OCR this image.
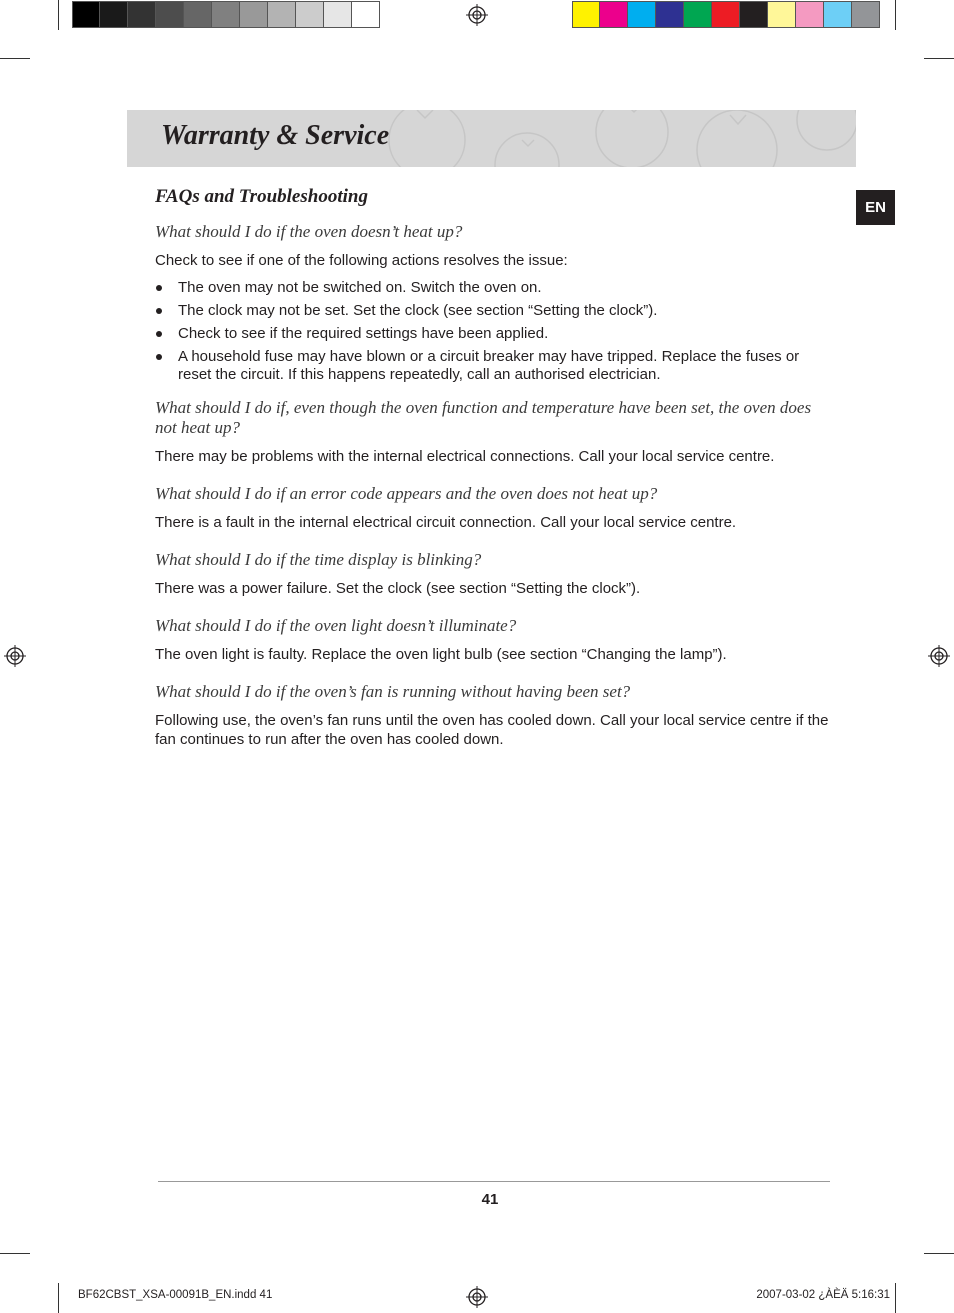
Warranty & Service
EN
FAQs and Troubleshooting
What should I do if the oven doesn’t heat up?
Check to see if one of the following actions resolves the issue:
The oven may not be switched on. Switch the oven on.
The clock may not be set. Set the clock (see section “Setting the clock”).
Check to see if the required settings have been applied.
A household fuse may have blown or a circuit breaker may have tripped. Replace the fuses or reset the circuit. If this happens repeatedly, call an authorised electrician.
What should I do if, even though the oven function and temperature have been set, the oven does not heat up?
There may be problems with the internal electrical connections. Call your local service centre.
What should I do if an error code appears and the oven does not heat up?
There is a fault in the internal electrical circuit connection. Call your local service centre.
What should I do if the time display is blinking?
There was a power failure. Set the clock (see section “Setting the clock”).
What should I do if the oven light doesn’t illuminate?
The oven light is faulty. Replace the oven light bulb (see section “Changing the lamp”).
What should I do if the oven’s fan is running without having been set?
Following use, the oven’s fan runs until the oven has cooled down. Call your local service centre if the fan continues to run after the oven has cooled down.
41
BF62CBST_XSA-00091B_EN.indd 41	2007-03-02 ¿ÀÈÄ 5:16:31
